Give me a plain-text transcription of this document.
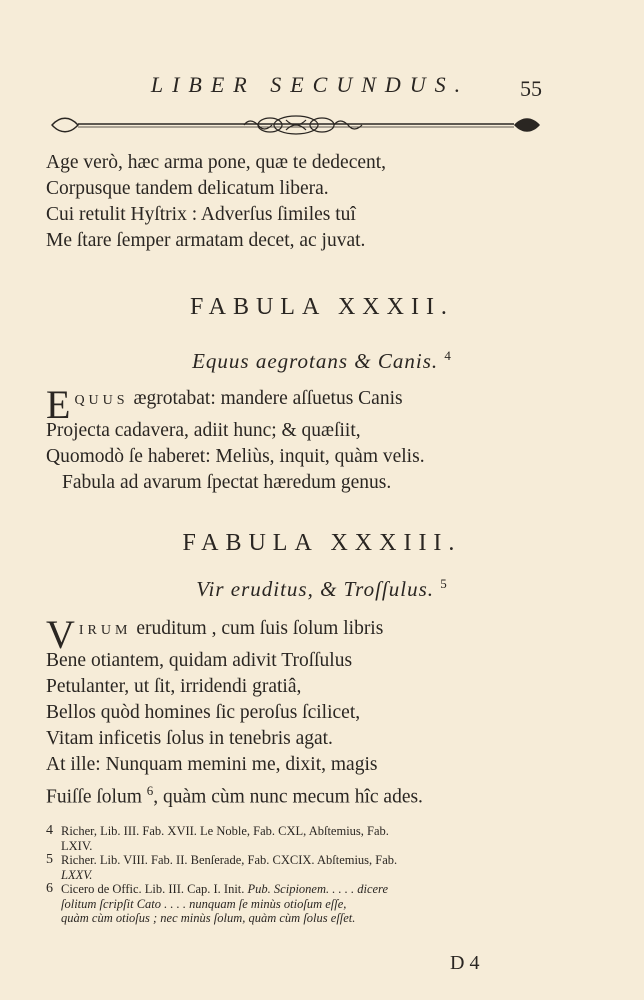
LIBER SECUNDUS.	55
Age verò, hæc arma pone, quæ te dedecent,
Corpusque tandem delicatum libera.
Cui retulit Hyſtrix : Adverſus ſimiles tuî
Me ſtare ſemper armatam decet, ac juvat.
FABULA XXXII.
Equus aegrotans & Canis. $^4$
EQUUS ægrotabat: mandere aſſuetus Canis
Projecta cadavera, adiit hunc; & quæſiit,
Quomodò ſe haberet: Meliùs, inquit, quàm velis.
Fabula ad avarum ſpectat hæredum genus.
FABULA XXXIII.
Vir eruditus, & Troſſulus. $^5$
VIRUM eruditum , cum ſuis ſolum libris
Bene otiantem, quidam adivit Troſſulus
Petulanter, ut ſit, irridendi gratiâ,
Bellos quòd homines ſic peroſus ſcilicet,
Vitam inficetis ſolus in tenebris agat.
At ille: Nunquam memini me, dixit, magis
Fuiſſe ſolum $^6$, quàm cùm nunc mecum hîc ades.
4 Richer, Lib. III. Fab. XVII. Le Noble, Fab. CXL, Abſtemius, Fab.
LXIV.
5 Richer. Lib. VIII. Fab. II. Benſerade, Fab. CXCIX. Abſtemius, Fab.
LXXV.
6 Cicero de Offic. Lib. III. Cap. I. Init. Pub. Scipionem. . . . . dicere
ſolitum ſcripſit Cato . . . . nunquam ſe minùs otioſum eſſe,
quàm cùm otioſus ; nec minùs ſolum, quàm cùm ſolus eſſet.
D 4
